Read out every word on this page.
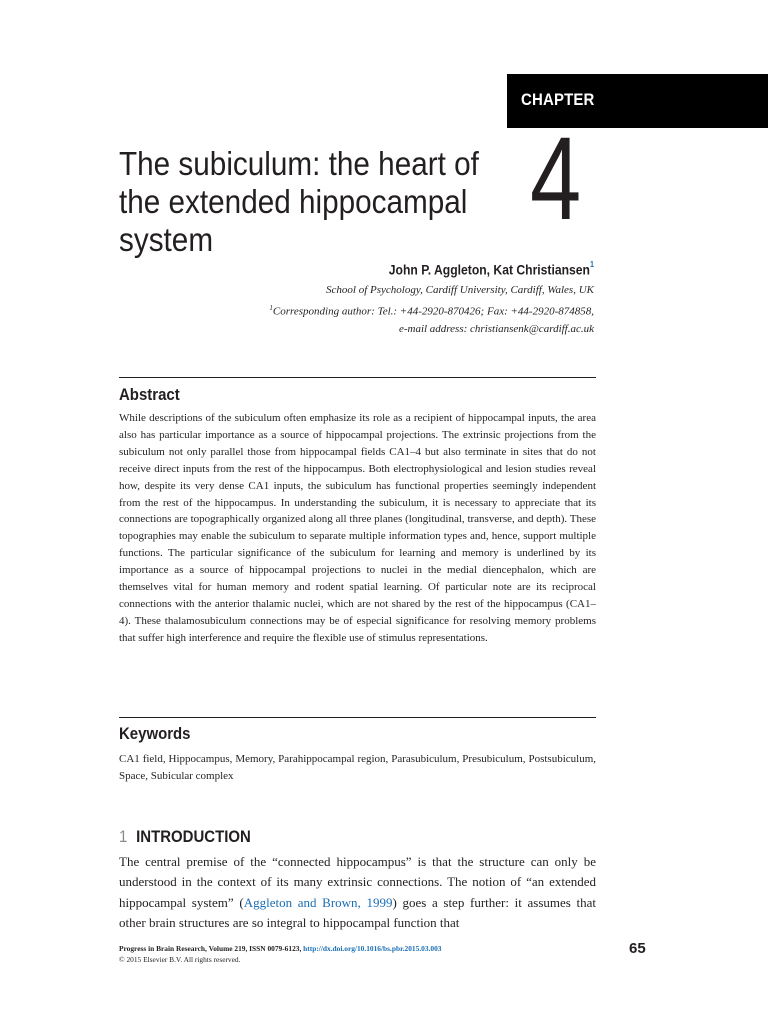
CHAPTER
The subiculum: the heart of
the extended hippocampal
system	4
John P. Aggleton, Kat Christiansen$^1$
School of Psychology, Cardiff University, Cardiff, Wales, UK
$^1$Corresponding author: Tel.: +44-2920-870426; Fax: +44-2920-874858,
e-mail address: christiansenk@cardiff.ac.uk
Abstract
While descriptions of the subiculum often emphasize its role as a recipient of hippocampal inputs, the area also has particular importance as a source of hippocampal projections. The extrinsic projections from the subiculum not only parallel those from hippocampal fields CA1–4 but also terminate in sites that do not receive direct inputs from the rest of the hippocampus. Both electrophysiological and lesion studies reveal how, despite its very dense CA1 inputs, the subiculum has functional properties seemingly independent from the rest of the hippocampus. In understanding the subiculum, it is necessary to appreciate that its connections are topographically organized along all three planes (longitudinal, transverse, and depth). These topographies may enable the subiculum to separate multiple information types and, hence, support multiple functions. The particular significance of the subiculum for learning and memory is underlined by its importance as a source of hippocampal projections to nuclei in the medial diencephalon, which are themselves vital for human memory and rodent spatial learning. Of particular note are its reciprocal connections with the anterior thalamic nuclei, which are not shared by the rest of the hippocampus (CA1–4). These thalamosubiculum connections may be of especial significance for resolving memory problems that suffer high interference and require the flexible use of stimulus representations.
Keywords
CA1 field, Hippocampus, Memory, Parahippocampal region, Parasubiculum, Presubiculum, Postsubiculum, Space, Subicular complex
1 INTRODUCTION
The central premise of the “connected hippocampus” is that the structure can only be understood in the context of its many extrinsic connections. The notion of “an extended hippocampal system” (Aggleton and Brown, 1999) goes a step further: it assumes that other brain structures are so integral to hippocampal function that
Progress in Brain Research, Volume 219, ISSN 0079-6123, http://dx.doi.org/10.1016/bs.pbr.2015.03.003
© 2015 Elsevier B.V. All rights reserved.
65
